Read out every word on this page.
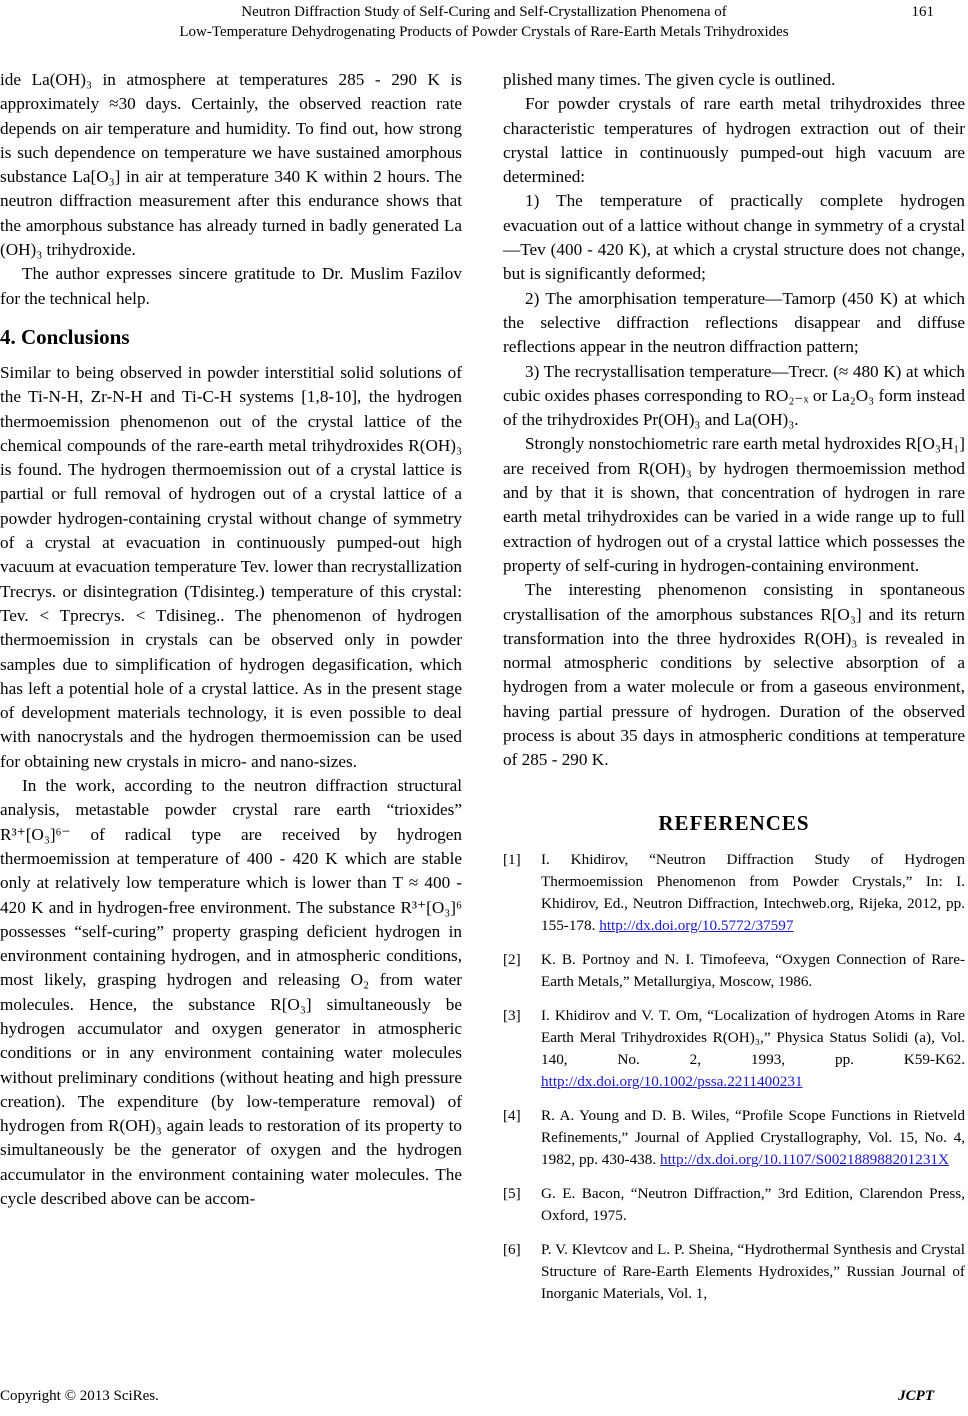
Neutron Diffraction Study of Self-Curing and Self-Crystallization Phenomena of
Low-Temperature Dehydrogenating Products of Powder Crystals of Rare-Earth Metals Trihydroxides
161

ide La(OH)₃ in atmosphere at temperatures 285 - 290 K is approximately ≈30 days. Certainly, the observed reaction rate depends on air temperature and humidity. To find out, how strong is such dependence on temperature we have sustained amorphous substance La[O₃] in air at temperature 340 K within 2 hours. The neutron diffraction measurement after this endurance shows that the amorphous substance has already turned in badly generated La (OH)₃ trihydroxide.

The author expresses sincere gratitude to Dr. Muslim Fazilov for the technical help.

4. Conclusions

Similar to being observed in powder interstitial solid solutions of the Ti-N-H, Zr-N-H and Ti-C-H systems [1,8-10], the hydrogen thermoemission phenomenon out of the crystal lattice of the chemical compounds of the rare-earth metal trihydroxides R(OH)₃ is found. The hydrogen thermoemission out of a crystal lattice is partial or full removal of hydrogen out of a crystal lattice of a powder hydrogen-containing crystal without change of symmetry of a crystal at evacuation in continuously pumped-out high vacuum at evacuation temperature Tev. lower than recrystallization Trecrys. or disintegration (Tdisinteg.) temperature of this crystal: Tev. < Tprecrys. < Tdisineg.. The phenomenon of hydrogen thermoemission in crystals can be observed only in powder samples due to simplification of hydrogen degasification, which has left a potential hole of a crystal lattice. As in the present stage of development materials technology, it is even possible to deal with nanocrystals and the hydrogen thermoemission can be used for obtaining new crystals in micro- and nano-sizes.

In the work, according to the neutron diffraction structural analysis, metastable powder crystal rare earth “trioxides” R³⁺[O₃]⁶⁻ of radical type are received by hydrogen thermoemission at temperature of 400 - 420 K which are stable only at relatively low temperature which is lower than T ≈ 400 - 420 K and in hydrogen-free environment. The substance R³⁺[O₃]⁶ possesses “self-curing” property grasping deficient hydrogen in environment containing hydrogen, and in atmospheric conditions, most likely, grasping hydrogen and releasing O₂ from water molecules. Hence, the substance R[O₃] simultaneously be hydrogen accumulator and oxygen generator in atmospheric conditions or in any environment containing water molecules without preliminary conditions (without heating and high pressure creation). The expenditure (by low-temperature removal) of hydrogen from R(OH)₃ again leads to restoration of its property to simultaneously be the generator of oxygen and the hydrogen accumulator in the environment containing water molecules. The cycle described above can be accom-

plished many times. The given cycle is outlined.

For powder crystals of rare earth metal trihydroxides three characteristic temperatures of hydrogen extraction out of their crystal lattice in continuously pumped-out high vacuum are determined:

1) The temperature of practically complete hydrogen evacuation out of a lattice without change in symmetry of a crystal—Tev (400 - 420 K), at which a crystal structure does not change, but is significantly deformed;

2) The amorphisation temperature—Tamorp (450 K) at which the selective diffraction reflections disappear and diffuse reflections appear in the neutron diffraction pattern;

3) The recrystallisation temperature—Trecr. (≈ 480 K) at which cubic oxides phases corresponding to RO₂₋ₓ or La₂O₃ form instead of the trihydroxides Pr(OH)₃ and La(OH)₃.

Strongly nonstochiometric rare earth metal hydroxides R[O₃H₁] are received from R(OH)₃ by hydrogen thermoemission method and by that it is shown, that concentration of hydrogen in rare earth metal trihydroxides can be varied in a wide range up to full extraction of hydrogen out of a crystal lattice which possesses the property of self-curing in hydrogen-containing environment.

The interesting phenomenon consisting in spontaneous crystallisation of the amorphous substances R[O₃] and its return transformation into the three hydroxides R(OH)₃ is revealed in normal atmospheric conditions by selective absorption of a hydrogen from a water molecule or from a gaseous environment, having partial pressure of hydrogen. Duration of the observed process is about 35 days in atmospheric conditions at temperature of 285 - 290 K.

REFERENCES
[1]	I. Khidirov, “Neutron Diffraction Study of Hydrogen Thermoemission Phenomenon from Powder Crystals,” In: I. Khidirov, Ed., Neutron Diffraction, Intechweb.org, Rijeka, 2012, pp. 155-178. http://dx.doi.org/10.5772/37597
[2]	K. B. Portnoy and N. I. Timofeeva, “Oxygen Connection of Rare-Earth Metals,” Metallurgiya, Moscow, 1986.
[3]	I. Khidirov and V. T. Om, “Localization of hydrogen Atoms in Rare Earth Meral Trihydroxides R(OH)₃,” Physica Status Solidi (a), Vol. 140, No. 2, 1993, pp. K59-K62. http://dx.doi.org/10.1002/pssa.2211400231
[4]	R. A. Young and D. B. Wiles, “Profile Scope Functions in Rietveld Refinements,” Journal of Applied Crystallography, Vol. 15, No. 4, 1982, pp. 430-438. http://dx.doi.org/10.1107/S002188988201231X
[5]	G. E. Bacon, “Neutron Diffraction,” 3rd Edition, Clarendon Press, Oxford, 1975.
[6]	P. V. Klevtcov and L. P. Sheina, “Hydrothermal Synthesis and Crystal Structure of Rare-Earth Elements Hydroxides,” Russian Journal of Inorganic Materials, Vol. 1,
Copyright © 2013 SciRes.	JCPT
